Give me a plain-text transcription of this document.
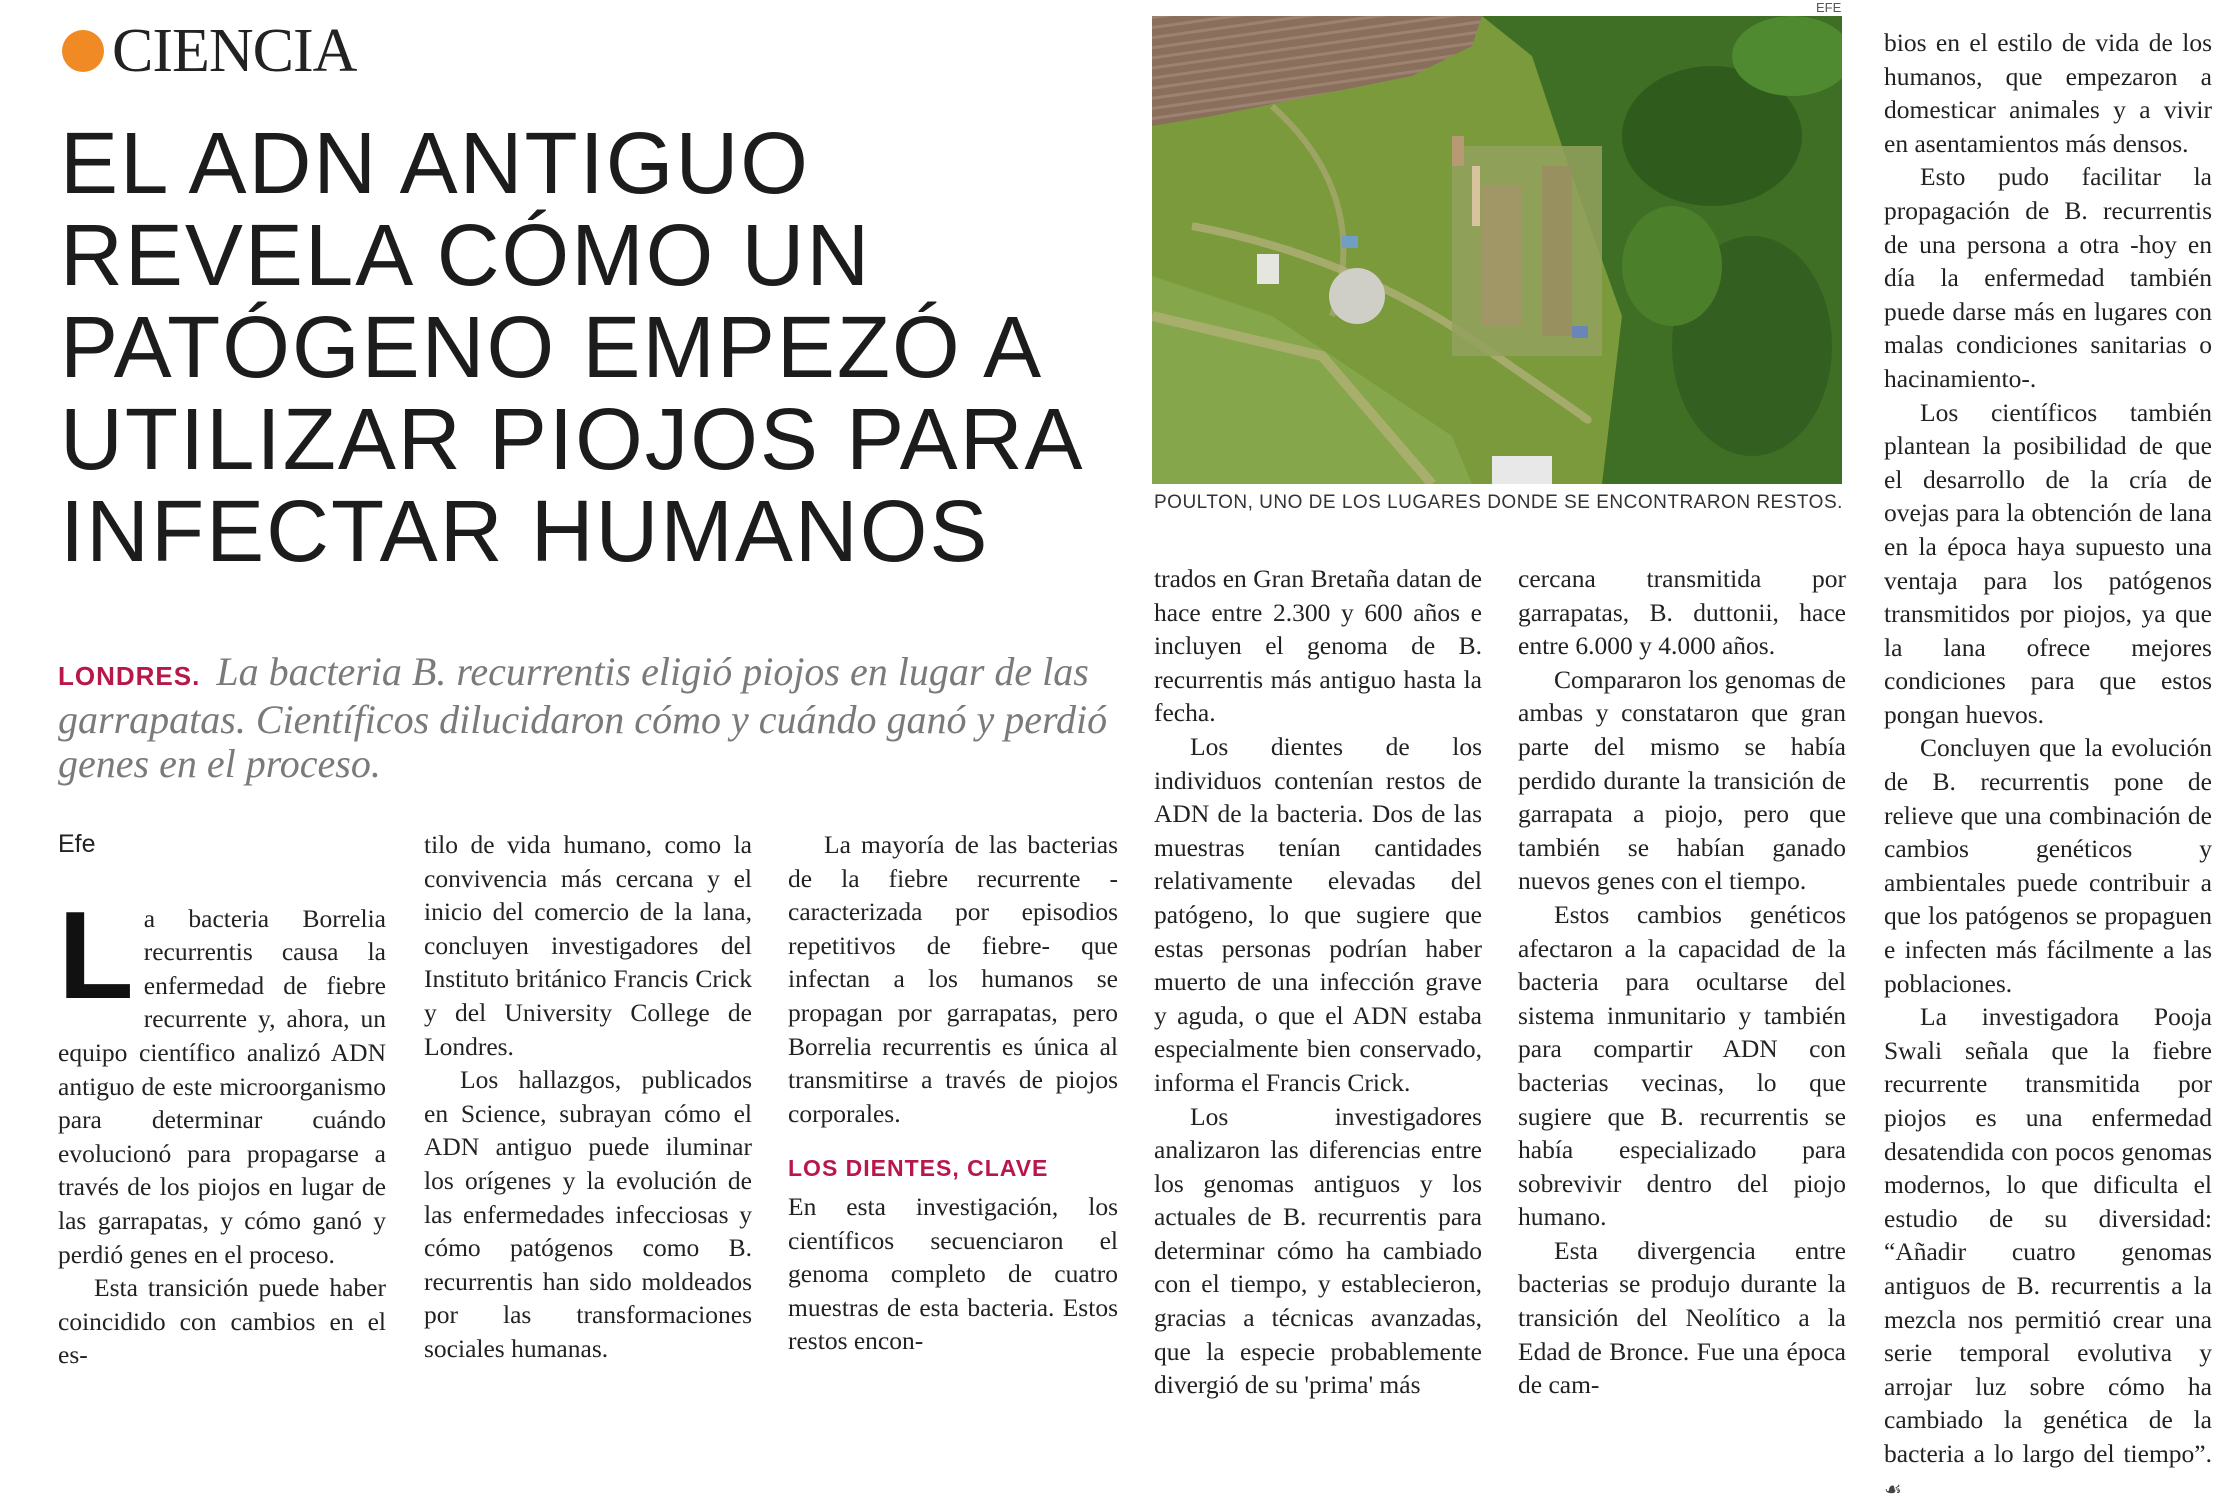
CIENCIA
EL ADN ANTIGUO
REVELA CÓMO UN
PATÓGENO EMPEZÓ A
UTILIZAR PIOJOS PARA
INFECTAR HUMANOS
LONDRES. La bacteria B. recurrentis eligió piojos en lugar de las garrapatas. Científicos dilucidaron cómo y cuándo ganó y perdió genes en el proceso.
EFE
POULTON, UNO DE LOS LUGARES DONDE SE ENCONTRARON RESTOS.

Efe

La bacteria Borrelia recurrentis causa la enfermedad de fiebre recurrente y, ahora, un equipo científico analizó ADN antiguo de este microorganismo para determinar cuándo evolucionó para propagarse a través de los piojos en lugar de las garrapatas, y cómo ganó y perdió genes en el proceso.

Esta transición puede haber coincidido con cambios en el es-

tilo de vida humano, como la convivencia más cercana y el inicio del comercio de la lana, concluyen investigadores del Instituto británico Francis Crick y del University College de Londres.

Los hallazgos, publicados en Science, subrayan cómo el ADN antiguo puede iluminar los orígenes y la evolución de las enfermedades infecciosas y cómo patógenos como B. recurrentis han sido moldeados por las transformaciones sociales humanas.

La mayoría de las bacterias de la fiebre recurrente -caracterizada por episodios repetitivos de fiebre- que infectan a los humanos se propagan por garrapatas, pero Borrelia recurrentis es única al transmitirse a través de piojos corporales.

LOS DIENTES, CLAVE

En esta investigación, los científicos secuenciaron el genoma completo de cuatro muestras de esta bacteria. Estos restos encon-

trados en Gran Bretaña datan de hace entre 2.300 y 600 años e incluyen el genoma de B. recurrentis más antiguo hasta la fecha.

Los dientes de los individuos contenían restos de ADN de la bacteria. Dos de las muestras tenían cantidades relativamente elevadas del patógeno, lo que sugiere que estas personas podrían haber muerto de una infección grave y aguda, o que el ADN estaba especialmente bien conservado, informa el Francis Crick.

Los investigadores analizaron las diferencias entre los genomas antiguos y los actuales de B. recurrentis para determinar cómo ha cambiado con el tiempo, y establecieron, gracias a técnicas avanzadas, que la especie probablemente divergió de su 'prima' más

cercana transmitida por garrapatas, B. duttonii, hace entre 6.000 y 4.000 años.

Compararon los genomas de ambas y constataron que gran parte del mismo se había perdido durante la transición de garrapata a piojo, pero que también se habían ganado nuevos genes con el tiempo.

Estos cambios genéticos afectaron a la capacidad de la bacteria para ocultarse del sistema inmunitario y también para compartir ADN con bacterias vecinas, lo que sugiere que B. recurrentis se había especializado para sobrevivir dentro del piojo humano.

Esta divergencia entre bacterias se produjo durante la transición del Neolítico a la Edad de Bronce. Fue una época de cam-

bios en el estilo de vida de los humanos, que empezaron a domesticar animales y a vivir en asentamientos más densos.

Esto pudo facilitar la propagación de B. recurrentis de una persona a otra -hoy en día la enfermedad también puede darse más en lugares con malas condiciones sanitarias o hacinamiento-.

Los científicos también plantean la posibilidad de que el desarrollo de la cría de ovejas para la obtención de lana en la época haya supuesto una ventaja para los patógenos transmitidos por piojos, ya que la lana ofrece mejores condiciones para que estos pongan huevos.

Concluyen que la evolución de B. recurrentis pone de relieve que una combinación de cambios genéticos y ambientales puede contribuir a que los patógenos se propaguen e infecten más fácilmente a las poblaciones.

La investigadora Pooja Swali señala que la fiebre recurrente transmitida por piojos es una enfermedad desatendida con pocos genomas modernos, lo que dificulta el estudio de su diversidad: “Añadir cuatro genomas antiguos de B. recurrentis a la mezcla nos permitió crear una serie temporal evolutiva y arrojar luz sobre cómo ha cambiado la genética de la bacteria a lo largo del tiempo”. ☙
